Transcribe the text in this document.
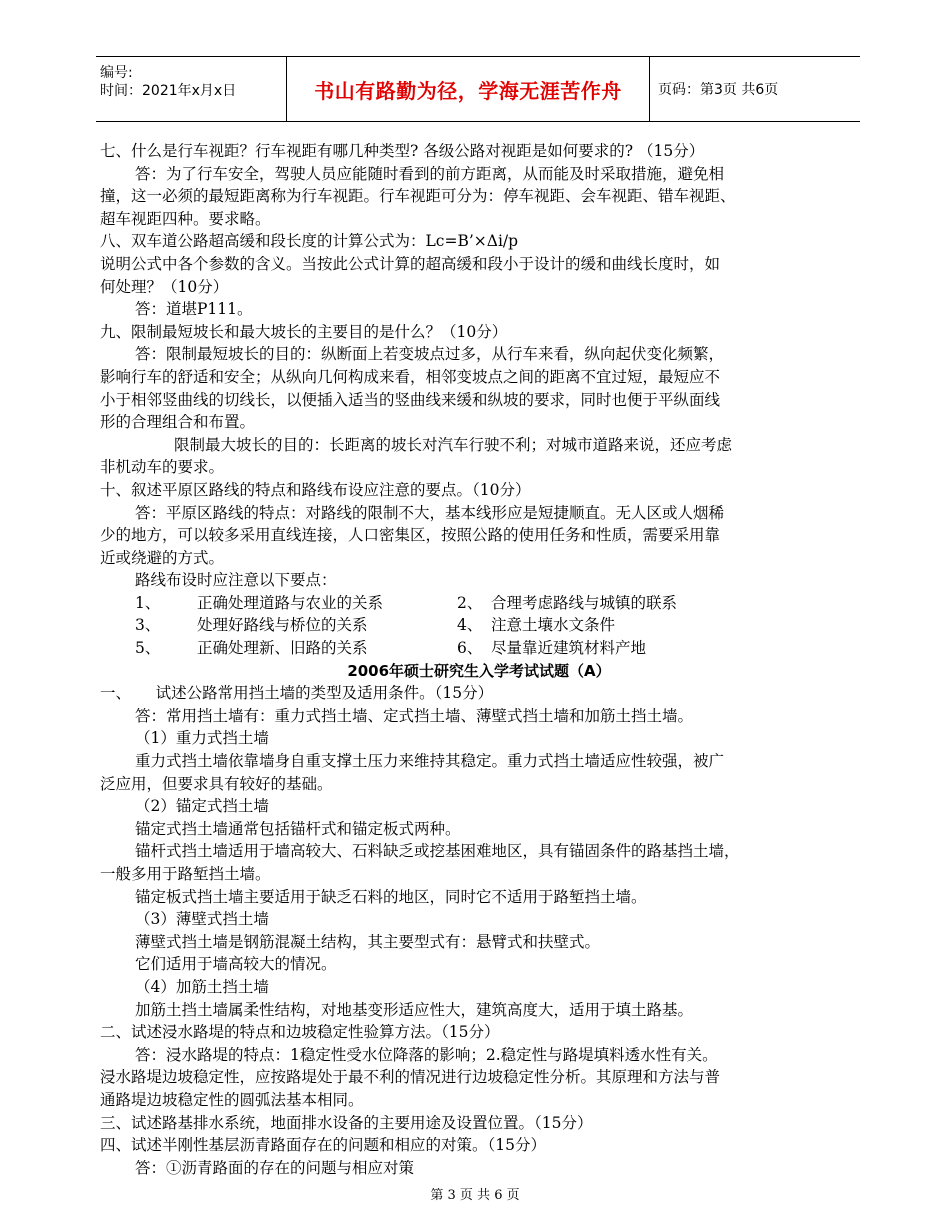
编号:
时间：2021年x月x日	书山有路勤为径，学海无涯苦作舟	页码：第3页 共6页

七、什么是行车视距？行车视距有哪几种类型? 各级公路对视距是如何要求的? （15分）

答：为了行车安全，驾驶人员应能随时看到的前方距离，从而能及时采取措施，避免相

撞，这一必须的最短距离称为行车视距。行车视距可分为：停车视距、会车视距、错车视距、

超车视距四种。要求略。

八、双车道公路超高缓和段长度的计算公式为：Lc=B’×Δi/p

说明公式中各个参数的含义。当按此公式计算的超高缓和段小于设计的缓和曲线长度时，如

何处理？（10分）

答：道堪P111。

九、限制最短坡长和最大坡长的主要目的是什么？（10分）

答：限制最短坡长的目的：纵断面上若变坡点过多，从行车来看，纵向起伏变化频繁，

影响行车的舒适和安全；从纵向几何构成来看，相邻变坡点之间的距离不宜过短，最短应不

小于相邻竖曲线的切线长，以便插入适当的竖曲线来缓和纵坡的要求，同时也便于平纵面线

形的合理组合和布置。

限制最大坡长的目的：长距离的坡长对汽车行驶不利；对城市道路来说，还应考虑

非机动车的要求。

十、叙述平原区路线的特点和路线布设应注意的要点。（10分）

答：平原区路线的特点：对路线的限制不大，基本线形应是短捷顺直。无人区或人烟稀

少的地方，可以较多采用直线连接，人口密集区，按照公路的使用任务和性质，需要采用靠

近或绕避的方式。

路线布设时应注意以下要点：

1、	正确处理道路与农业的关系	2、 合理考虑路线与城镇的联系
3、	处理好路线与桥位的关系	4、 注意土壤水文条件
5、	正确处理新、旧路的关系	6、 尽量靠近建筑材料产地

2006年硕士研究生入学考试试题（A）

一、     试述公路常用挡土墙的类型及适用条件。（15分）

答：常用挡土墙有：重力式挡土墙、定式挡土墙、薄壁式挡土墙和加筋土挡土墙。

（1）重力式挡土墙

重力式挡土墙依靠墙身自重支撑土压力来维持其稳定。重力式挡土墙适应性较强，被广

泛应用，但要求具有较好的基础。

（2）锚定式挡土墙

锚定式挡土墙通常包括锚杆式和锚定板式两种。

锚杆式挡土墙适用于墙高较大、石料缺乏或挖基困难地区，具有锚固条件的路基挡土墙，

一般多用于路堑挡土墙。

锚定板式挡土墙主要适用于缺乏石料的地区，同时它不适用于路堑挡土墙。

（3）薄壁式挡土墙

薄壁式挡土墙是钢筋混凝土结构，其主要型式有：悬臂式和扶壁式。

它们适用于墙高较大的情况。

（4）加筋土挡土墙

加筋土挡土墙属柔性结构，对地基变形适应性大，建筑高度大，适用于填土路基。

二、试述浸水路堤的特点和边坡稳定性验算方法。（15分）

答：浸水路堤的特点：1稳定性受水位降落的影响；2.稳定性与路堤填料透水性有关。

浸水路堤边坡稳定性，应按路堤处于最不利的情况进行边坡稳定性分析。其原理和方法与普

通路堤边坡稳定性的圆弧法基本相同。

三、试述路基排水系统，地面排水设备的主要用途及设置位置。（15分）

四、试述半刚性基层沥青路面存在的问题和相应的对策。（15分）

答：①沥青路面的存在的问题与相应对策

第 3 页 共 6 页
